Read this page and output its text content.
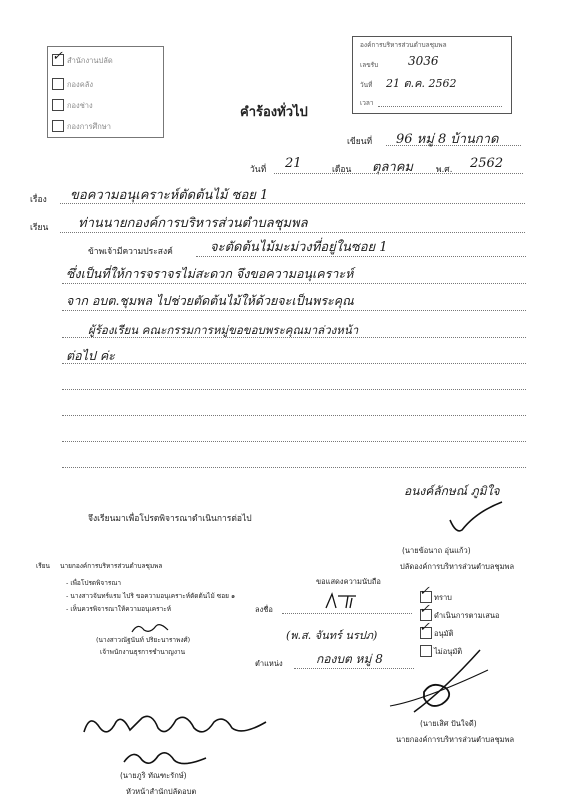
✓ สำนักงานปลัด
กองคลัง
กองช่าง
กองการศึกษา
องค์การบริหารส่วนตำบลชุมพล
เลขรับ 3036
วันที่ 21 ต.ค. 2562
เวลา
คำร้องทั่วไป
เขียนที่ 96 หมู่ 8 บ้านกาด
วันที่ 21	เดือน ตุลาคม	พ.ศ. 2562
เรื่อง ขอความอนุเคราะห์ตัดต้นไม้ ซอย 1
เรียน ท่านนายกองค์การบริหารส่วนตำบลชุมพล
ข้าพเจ้ามีความประสงค์	จะตัดต้นไม้มะม่วงที่อยู่ในซอย 1
ซึ่งเป็นที่ให้การจราจรไม่สะดวก จึงขอความอนุเคราะห์
จาก อบต.ชุมพล ไปช่วยตัดต้นไม้ให้ด้วยจะเป็นพระคุณ
ผู้ร้องเรียน คณะกรรมการหมู่ขอขอบพระคุณมาล่วงหน้า
ต่อไป ค่ะ
อนงค์ลักษณ์ ภูมิใจ
จึงเรียนมาเพื่อโปรดพิจารณาดำเนินการต่อไป
(นายข้อนาถ อุ่นแก้ว)
ปลัดองค์การบริหารส่วนตำบลชุมพล
เรียน นายกองค์การบริหารส่วนตำบลชุมพล
- เพื่อโปรดพิจารณา
- นางสาวจันทร์แรม ไปริ ขอความอนุเคราะห์ตัดต้นไม้ ซอย ๑
- เห็นควรพิจารณาให้ความอนุเคราะห์
(นางสาวณัฐนันท์ ปริยะนาราพงศ์)
เจ้าพนักงานธุรการชำนาญงาน
ขอแสดงความนับถือ
ลงชื่อ
(พ.ส. จันทร์ นรปภ)
ตำแหน่ง	กองบต หมู่ 8
✓ ทราบ
✓ ดำเนินการตามเสนอ
✓ อนุมัติ
ไม่อนุมัติ
(นายเสิศ ปันใจดี)
นายกองค์การบริหารส่วนตำบลชุมพล
(นายภูริ ทัณฑะรักษ์)
หัวหน้าสำนักปลัดอบต
